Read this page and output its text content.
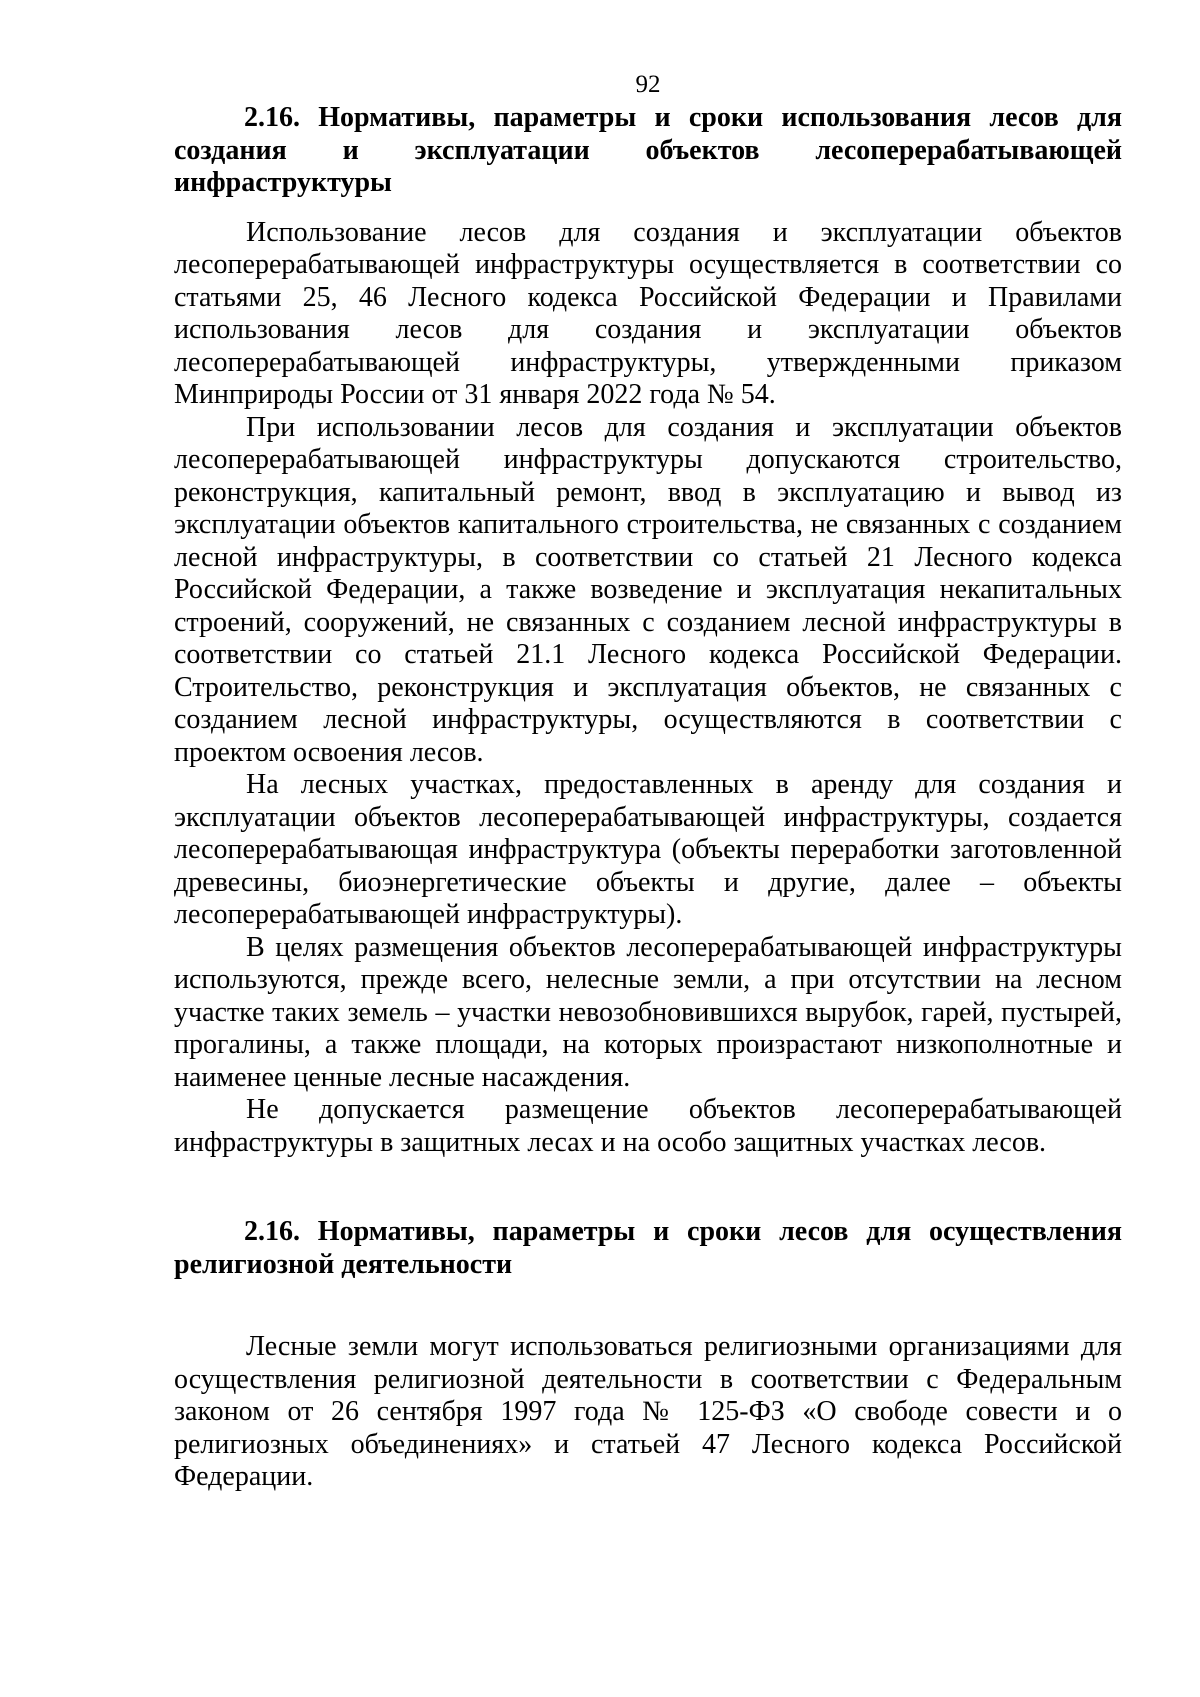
92

2.16. Нормативы, параметры и сроки использования лесов для создания и эксплуатации объектов лесоперерабатывающей инфраструктуры

Использование лесов для создания и эксплуатации объектов лесоперерабатывающей инфраструктуры осуществляется в соответствии со статьями 25, 46 Лесного кодекса Российской Федерации и Правилами использования лесов для создания и эксплуатации объектов лесоперерабатывающей инфраструктуры, утвержденными приказом Минприроды России от 31 января 2022 года № 54.

При использовании лесов для создания и эксплуатации объектов лесоперерабатывающей инфраструктуры допускаются строительство, реконструкция, капитальный ремонт, ввод в эксплуатацию и вывод из эксплуатации объектов капитального строительства, не связанных с созданием лесной инфраструктуры, в соответствии со статьей 21 Лесного кодекса Российской Федерации, а также возведение и эксплуатация некапитальных строений, сооружений, не связанных с созданием лесной инфраструктуры в соответствии со статьей 21.1 Лесного кодекса Российской Федерации. Строительство, реконструкция и эксплуатация объектов, не связанных с созданием лесной инфраструктуры, осуществляются в соответствии с проектом освоения лесов.

На лесных участках, предоставленных в аренду для создания и эксплуатации объектов лесоперерабатывающей инфраструктуры, создается лесоперерабатывающая инфраструктура (объекты переработки заготовленной древесины, биоэнергетические объекты и другие, далее – объекты лесоперерабатывающей инфраструктуры).

В целях размещения объектов лесоперерабатывающей инфраструктуры используются, прежде всего, нелесные земли, а при отсутствии на лесном участке таких земель – участки невозобновившихся вырубок, гарей, пустырей, прогалины, а также площади, на которых произрастают низкополнотные и наименее ценные лесные насаждения.

Не допускается размещение объектов лесоперерабатывающей инфраструктуры в защитных лесах и на особо защитных участках лесов.

2.16. Нормативы, параметры и сроки лесов для осуществления религиозной деятельности

Лесные земли могут использоваться религиозными организациями для осуществления религиозной деятельности в соответствии с Федеральным законом от 26 сентября 1997 года № 125-ФЗ «О свободе совести и о религиозных объединениях» и статьей 47 Лесного кодекса Российской Федерации.
